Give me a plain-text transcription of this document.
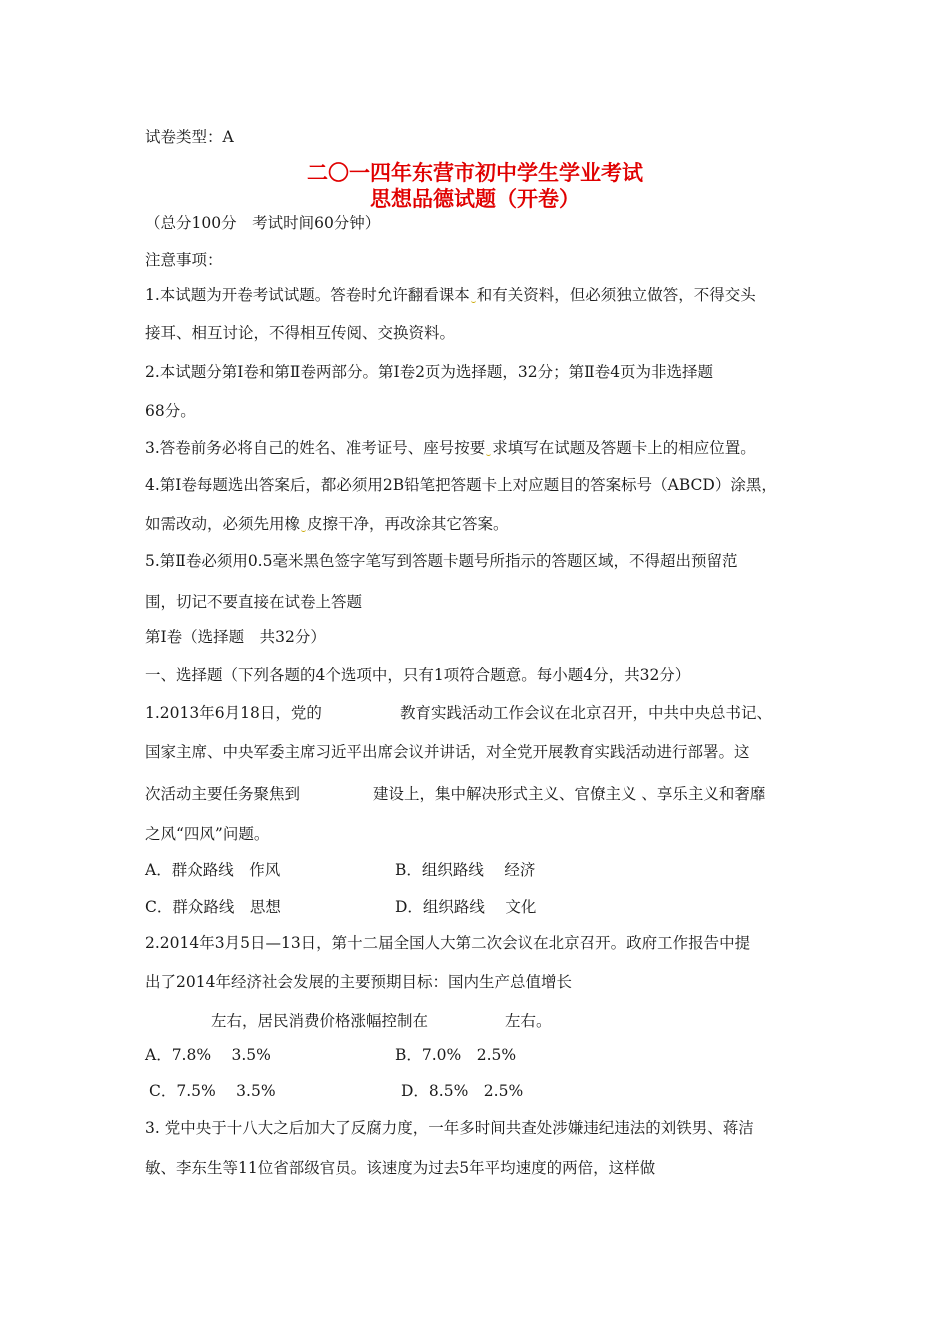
试卷类型：A
二〇一四年东营市初中学生学业考试
思想品德试题（开卷）
（总分100分　考试时间60分钟）
注意事项：
1.本试题为开卷考试试题。答卷时允许翻看课本 和有关资料，但必须独立做答，不得交头
接耳、相互讨论，不得相互传阅、交换资料。
2.本试题分第Ⅰ卷和第Ⅱ卷两部分。第Ⅰ卷2页为选择题，32分；第Ⅱ卷4页为非选择题
68分。
3.答卷前务必将自己的姓名、准考证号、座号按要 求填写在试题及答题卡上的相应位置。
4.第Ⅰ卷每题选出答案后，都必须用2B铅笔把答题卡上对应题目的答案标号（ABCD）涂黑，
如需改动，必须先用橡 皮擦干净，再改涂其它答案。
5.第Ⅱ卷必须用0.5毫米黑色签字笔写到答题卡题号所指示的答题区域，不得超出预留范
围，切记不要直接在试卷上答题
第Ⅰ卷（选择题　共32分）
一、选择题（下列各题的4个选项中，只有1项符合题意。每小题4分，共32分）
1.2013年6月18日，党的	教育实践活动工作会议在北京召开，中共中央总书记、
国家主席、中央军委主席习近平出席会议并讲话，对全党开展教育实践活动进行部署。这
次活动主要任务聚焦到	建设上，集中解决形式主义、官僚主义 、享乐主义和奢靡
之风“四风”问题。
A．群众路线　作风	B．组织路线　 经济
C．群众路线　思想	D．组织路线　 文化
2.2014年3月5日—13日，第十二届全国人大第二次会议在北京召开。政府工作报告中提
出了2014年经济社会发展的主要预期目标：国内生产总值增长
左右，居民消费价格涨幅控制在	左右。
A．7.8%　 3.5%	B．7.0%　2.5%
C．7.5%　 3.5%	D．8.5%　2.5%
3. 党中央于十八大之后加大了反腐力度，一年多时间共查处涉嫌违纪违法的刘铁男、蒋洁
敏、李东生等11位省部级官员。该速度为过去5年平均速度的两倍，这样做
